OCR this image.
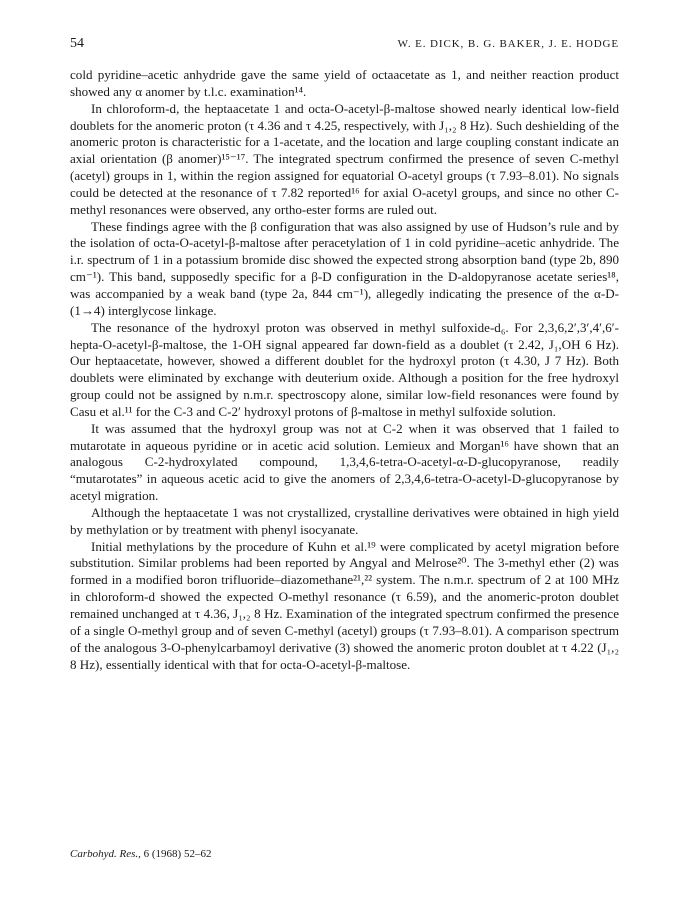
54	W. E. DICK, B. G. BAKER, J. E. HODGE

cold pyridine–acetic anhydride gave the same yield of octaacetate as 1, and neither reaction product showed any α anomer by t.l.c. examination¹⁴.

In chloroform-d, the heptaacetate 1 and octa-O-acetyl-β-maltose showed nearly identical low-field doublets for the anomeric proton (τ 4.36 and τ 4.25, respectively, with J₁,₂ 8 Hz). Such deshielding of the anomeric proton is characteristic for a 1-acetate, and the location and large coupling constant indicate an axial orientation (β anomer)¹⁵⁻¹⁷. The integrated spectrum confirmed the presence of seven C-methyl (acetyl) groups in 1, within the region assigned for equatorial O-acetyl groups (τ 7.93–8.01). No signals could be detected at the resonance of τ 7.82 reported¹⁶ for axial O-acetyl groups, and since no other C-methyl resonances were observed, any ortho-ester forms are ruled out.

These findings agree with the β configuration that was also assigned by use of Hudson’s rule and by the isolation of octa-O-acetyl-β-maltose after peracetylation of 1 in cold pyridine–acetic anhydride. The i.r. spectrum of 1 in a potassium bromide disc showed the expected strong absorption band (type 2b, 890 cm⁻¹). This band, supposedly specific for a β-D configuration in the D-aldopyranose acetate series¹⁸, was accompanied by a weak band (type 2a, 844 cm⁻¹), allegedly indicating the presence of the α-D-(1→4) interglycose linkage.

The resonance of the hydroxyl proton was observed in methyl sulfoxide-d₆. For 2,3,6,2′,3′,4′,6′-hepta-O-acetyl-β-maltose, the 1-OH signal appeared far down-field as a doublet (τ 2.42, J₁,OH 6 Hz). Our heptaacetate, however, showed a different doublet for the hydroxyl proton (τ 4.30, J 7 Hz). Both doublets were eliminated by exchange with deuterium oxide. Although a position for the free hydroxyl group could not be assigned by n.m.r. spectroscopy alone, similar low-field resonances were found by Casu et al.¹¹ for the C-3 and C-2′ hydroxyl protons of β-maltose in methyl sulfoxide solution.

It was assumed that the hydroxyl group was not at C-2 when it was observed that 1 failed to mutarotate in aqueous pyridine or in acetic acid solution. Lemieux and Morgan¹⁶ have shown that an analogous C-2-hydroxylated compound, 1,3,4,6-tetra-O-acetyl-α-D-glucopyranose, readily “mutarotates” in aqueous acetic acid to give the anomers of 2,3,4,6-tetra-O-acetyl-D-glucopyranose by acetyl migration.

Although the heptaacetate 1 was not crystallized, crystalline derivatives were obtained in high yield by methylation or by treatment with phenyl isocyanate.

Initial methylations by the procedure of Kuhn et al.¹⁹ were complicated by acetyl migration before substitution. Similar problems had been reported by Angyal and Melrose²⁰. The 3-methyl ether (2) was formed in a modified boron trifluoride–diazomethane²¹,²² system. The n.m.r. spectrum of 2 at 100 MHz in chloroform-d showed the expected O-methyl resonance (τ 6.59), and the anomeric-proton doublet remained unchanged at τ 4.36, J₁,₂ 8 Hz. Examination of the integrated spectrum confirmed the presence of a single O-methyl group and of seven C-methyl (acetyl) groups (τ 7.93–8.01). A comparison spectrum of the analogous 3-O-phenylcarbamoyl derivative (3) showed the anomeric proton doublet at τ 4.22 (J₁,₂ 8 Hz), essentially identical with that for octa-O-acetyl-β-maltose.

Carbohyd. Res., 6 (1968) 52–62
